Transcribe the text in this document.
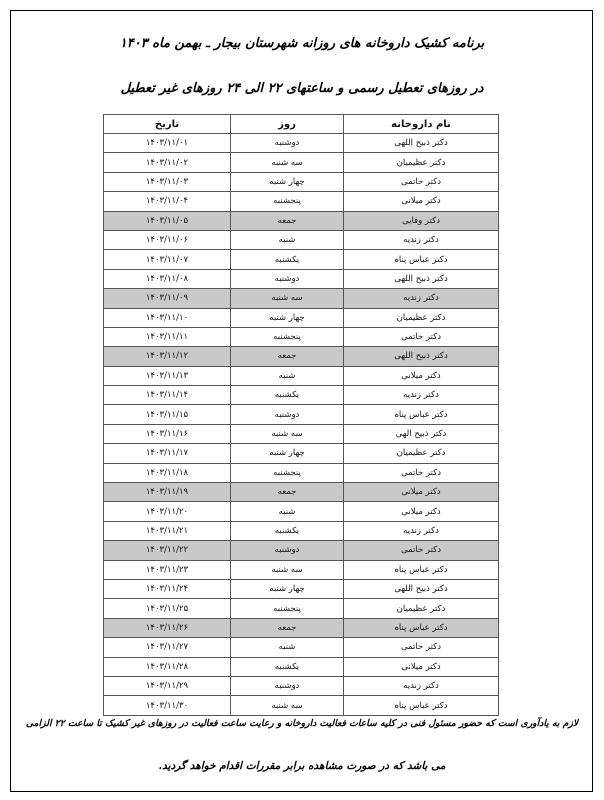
برنامه کشیک داروخانه های روزانه شهرستان بیجار ـ بهمن ماه ۱۴۰۳
در روزهای تعطیل رسمی و ساعتهای ۲۲ الی ۲۴ روزهای غیر تعطیل
نام داروخانه	روز	تاریخ
دکتر ذبیح اللهی	دوشنبه	۱۴۰۳/۱۱/۰۱
دکتر عظیمیان	سه شنبه	۱۴۰۳/۱۱/۰۲
دکتر حاتمی	چهار شنبه	۱۴۰۳/۱۱/۰۳
دکتر میلانی	پنجشنبه	۱۴۰۳/۱۱/۰۴
دکتر وفایی	جمعه	۱۴۰۳/۱۱/۰۵
دکتر زندیه	شنبه	۱۴۰۳/۱۱/۰۶
دکتر عباس پناه	یکشنبه	۱۴۰۳/۱۱/۰۷
دکتر ذبیح اللهی	دوشنبه	۱۴۰۳/۱۱/۰۸
دکتر زندیه	سه شنبه	۱۴۰۳/۱۱/۰۹
دکتر عظیمیان	چهار شنبه	۱۴۰۳/۱۱/۱۰
دکتر حاتمی	پنجشنبه	۱۴۰۳/۱۱/۱۱
دکتر ذبیح اللهی	جمعه	۱۴۰۳/۱۱/۱۲
دکتر میلانی	شنبه	۱۴۰۳/۱۱/۱۳
دکتر زندیه	یکشنبه	۱۴۰۳/۱۱/۱۴
دکتر عباس پناه	دوشنبه	۱۴۰۳/۱۱/۱۵
دکتر ذبیح الهی	سه شنبه	۱۴۰۳/۱۱/۱۶
دکتر عظیمیان	چهار شنبه	۱۴۰۳/۱۱/۱۷
دکتر حاتمی	پنجشنبه	۱۴۰۳/۱۱/۱۸
دکتر میلانی	جمعه	۱۴۰۳/۱۱/۱۹
دکتر میلانی	شنبه	۱۴۰۳/۱۱/۲۰
دکتر زندیه	یکشنبه	۱۴۰۳/۱۱/۲۱
دکتر حاتمی	دوشنبه	۱۴۰۳/۱۱/۲۲
دکتر عباس پناه	سه شنبه	۱۴۰۳/۱۱/۲۳
دکتر ذبیح اللهی	چهار شنبه	۱۴۰۳/۱۱/۲۴
دکتر عظیمیان	پنجشنبه	۱۴۰۳/۱۱/۲۵
دکتر عباس پناه	جمعه	۱۴۰۳/۱۱/۲۶
دکتر حاتمی	شنبه	۱۴۰۳/۱۱/۲۷
دکتر میلانی	یکشنبه	۱۴۰۳/۱۱/۲۸
دکتر زندیه	دوشنبه	۱۴۰۳/۱۱/۲۹
دکتر عباس پناه	سه شنبه	۱۴۰۳/۱۱/۳۰
لازم به یادآوری است که حضور مسئول فنی در کلیه ساعات فعالیت داروخانه و رعایت ساعت فعالیت در روزهای غیر کشیک تا ساعت ۲۲ الزامی
می باشد که در صورت مشاهده برابر مقررات اقدام خواهد گردید.
